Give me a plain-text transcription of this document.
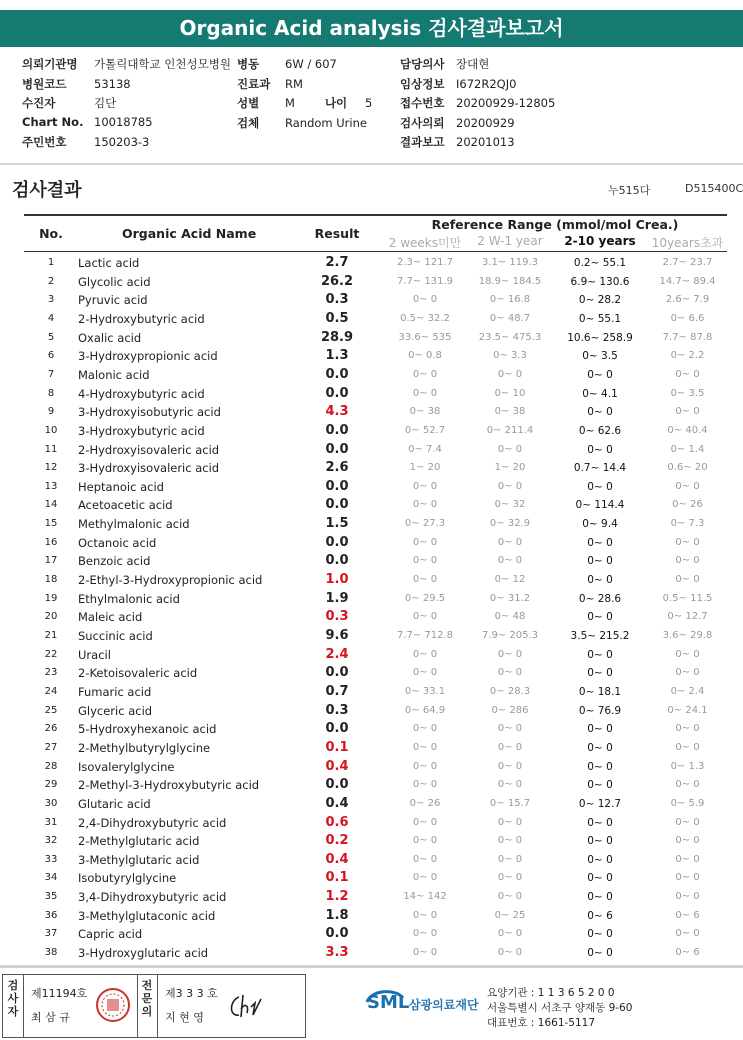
Organic Acid analysis 검사결과보고서
의뢰기관명 가톨릭대학교 인천성모병원
병원코드 53138
수진자	김단
Chart No. 10018785
주민번호 150203-3
병동 6W / 607
진료과 RM
성별 M	나이 5
검체 Random Urine
담당의사 장대현
임상정보 I672R2QJ0
접수번호 20200929-12805
검사의뢰 20200929
결과보고 20201013
검사결과	누515다	D515400C
No.	Organic Acid Name	Result
Reference Range (mmol/mol Crea.)
2 weeks미만	2 W-1 year	2-10 years	10years초과
1	Lactic acid	2.7	2.3~ 121.7	3.1~ 119.3	0.2~ 55.1	2.7~ 23.7
2	Glycolic acid	26.2	7.7~ 131.9	18.9~ 184.5	6.9~ 130.6	14.7~ 89.4
3	Pyruvic acid	0.3	0~ 0	0~ 16.8	0~ 28.2	2.6~ 7.9
4	2-Hydroxybutyric acid	0.5	0.5~ 32.2	0~ 48.7	0~ 55.1	0~ 6.6
5	Oxalic acid	28.9	33.6~ 535	23.5~ 475.3	10.6~ 258.9	7.7~ 87.8
6	3-Hydroxypropionic acid	1.3	0~ 0.8	0~ 3.3	0~ 3.5	0~ 2.2
7	Malonic acid	0.0	0~ 0	0~ 0	0~ 0	0~ 0
8	4-Hydroxybutyric acid	0.0	0~ 0	0~ 10	0~ 4.1	0~ 3.5
9	3-Hydroxyisobutyric acid	4.3	0~ 38	0~ 38	0~ 0	0~ 0
10	3-Hydroxybutyric acid	0.0	0~ 52.7	0~ 211.4	0~ 62.6	0~ 40.4
11	2-Hydroxyisovaleric acid	0.0	0~ 7.4	0~ 0	0~ 0	0~ 1.4
12	3-Hydroxyisovaleric acid	2.6	1~ 20	1~ 20	0.7~ 14.4	0.6~ 20
13	Heptanoic acid	0.0	0~ 0	0~ 0	0~ 0	0~ 0
14	Acetoacetic acid	0.0	0~ 0	0~ 32	0~ 114.4	0~ 26
15	Methylmalonic acid	1.5	0~ 27.3	0~ 32.9	0~ 9.4	0~ 7.3
16	Octanoic acid	0.0	0~ 0	0~ 0	0~ 0	0~ 0
17	Benzoic acid	0.0	0~ 0	0~ 0	0~ 0	0~ 0
18	2-Ethyl-3-Hydroxypropionic acid	1.0	0~ 0	0~ 12	0~ 0	0~ 0
19	Ethylmalonic acid	1.9	0~ 29.5	0~ 31.2	0~ 28.6	0.5~ 11.5
20	Maleic acid	0.3	0~ 0	0~ 48	0~ 0	0~ 12.7
21	Succinic acid	9.6	7.7~ 712.8	7.9~ 205.3	3.5~ 215.2	3.6~ 29.8
22	Uracil	2.4	0~ 0	0~ 0	0~ 0	0~ 0
23	2-Ketoisovaleric acid	0.0	0~ 0	0~ 0	0~ 0	0~ 0
24	Fumaric acid	0.7	0~ 33.1	0~ 28.3	0~ 18.1	0~ 2.4
25	Glyceric acid	0.3	0~ 64.9	0~ 286	0~ 76.9	0~ 24.1
26	5-Hydroxyhexanoic acid	0.0	0~ 0	0~ 0	0~ 0	0~ 0
27	2-Methylbutyrylglycine	0.1	0~ 0	0~ 0	0~ 0	0~ 0
28	Isovalerylglycine	0.4	0~ 0	0~ 0	0~ 0	0~ 1.3
29	2-Methyl-3-Hydroxybutyric acid	0.0	0~ 0	0~ 0	0~ 0	0~ 0
30	Glutaric acid	0.4	0~ 26	0~ 15.7	0~ 12.7	0~ 5.9
31	2,4-Dihydroxybutyric acid	0.6	0~ 0	0~ 0	0~ 0	0~ 0
32	2-Methylglutaric acid	0.2	0~ 0	0~ 0	0~ 0	0~ 0
33	3-Methylglutaric acid	0.4	0~ 0	0~ 0	0~ 0	0~ 0
34	Isobutyrylglycine	0.1	0~ 0	0~ 0	0~ 0	0~ 0
35	3,4-Dihydroxybutyric acid	1.2	14~ 142	0~ 0	0~ 0	0~ 0
36	3-Methylglutaconic acid	1.8	0~ 0	0~ 25	0~ 6	0~ 6
37	Capric acid	0.0	0~ 0	0~ 0	0~ 0	0~ 0
38	3-Hydroxyglutaric acid	3.3	0~ 0	0~ 0	0~ 0	0~ 6
검사자
제11194호
최 삼 규
전문의
제3 3 3 호
지 현 영
SML 삼광의료재단
요양기관 : 1 1 3 6 5 2 0 0
서울특별시 서초구 양재동 9-60
대표번호 : 1661-5117
